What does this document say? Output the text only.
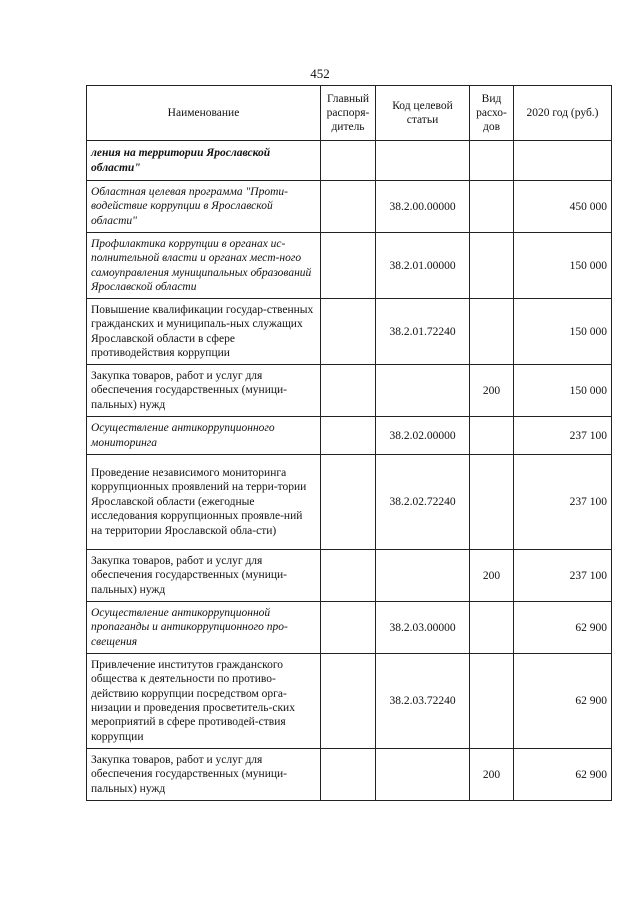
452
Наименование	Главный распоря-дитель	Код целевой статьи	Вид расхо-дов	2020 год (руб.)
ления на территории Ярославской области"				
Областная целевая программа "Проти-водействие коррупции в Ярославской области"		38.2.00.00000		450 000
Профилактика коррупции в органах ис-полнительной власти и органах мест-ного самоуправления муниципальных образований Ярославской области		38.2.01.00000		150 000
Повышение квалификации государ-ственных гражданских и муниципаль-ных служащих Ярославской области в сфере противодействия коррупции		38.2.01.72240		150 000
Закупка товаров, работ и услуг для обеспечения государственных (муници-пальных) нужд			200	150 000
Осуществление антикоррупционного мониторинга		38.2.02.00000		237 100
Проведение независимого мониторинга коррупционных проявлений на терри-тории Ярославской области (ежегодные исследования коррупционных проявле-ний на территории Ярославской обла-сти)		38.2.02.72240		237 100
Закупка товаров, работ и услуг для обеспечения государственных (муници-пальных) нужд			200	237 100
Осуществление антикоррупционной пропаганды и антикоррупционного про-свещения		38.2.03.00000		62 900
Привлечение институтов гражданского общества к деятельности по противо-действию коррупции посредством орга-низации и проведения просветитель-ских мероприятий в сфере противодей-ствия коррупции		38.2.03.72240		62 900
Закупка товаров, работ и услуг для обеспечения государственных (муници-пальных) нужд			200	62 900
